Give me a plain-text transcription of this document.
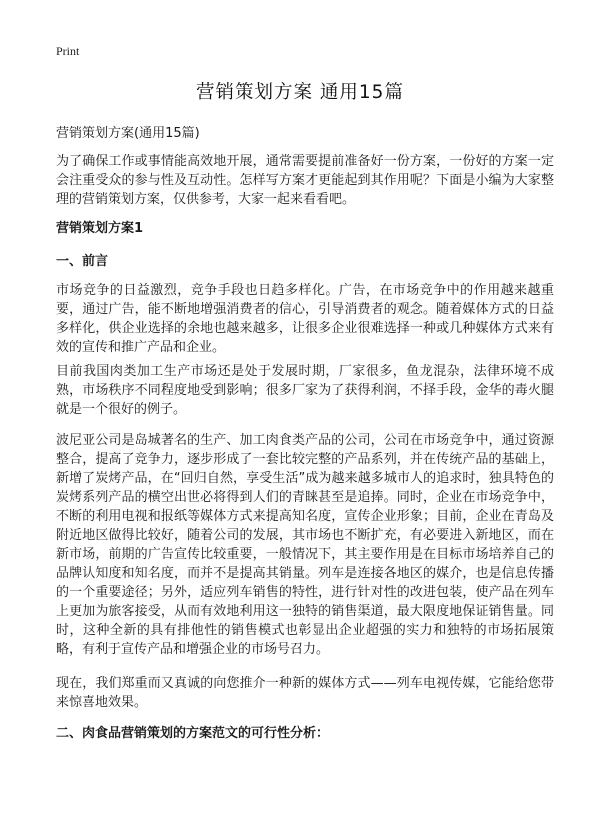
Print
营销策划方案 通用15篇

营销策划方案(通用15篇)

为了确保工作或事情能高效地开展，通常需要提前准备好一份方案，一份好的方案一定会注重受众的参与性及互动性。怎样写方案才更能起到其作用呢？下面是小编为大家整理的营销策划方案，仅供参考，大家一起来看看吧。

营销策划方案1

一、前言

市场竞争的日益激烈，竞争手段也日趋多样化。广告，在市场竞争中的作用越来越重要，通过广告，能不断地增强消费者的信心，引导消费者的观念。随着媒体方式的日益多样化，供企业选择的余地也越来越多，让很多企业很难选择一种或几种媒体方式来有效的宣传和推广产品和企业。

目前我国肉类加工生产市场还是处于发展时期，厂家很多，鱼龙混杂，法律环境不成熟，市场秩序不同程度地受到影响；很多厂家为了获得利润，不择手段，金华的毒火腿就是一个很好的例子。

波尼亚公司是岛城著名的生产、加工肉食类产品的公司，公司在市场竞争中，通过资源整合，提高了竞争力，逐步形成了一套比较完整的产品系列，并在传统产品的基础上，新增了炭烤产品，在“回归自然，享受生活”成为越来越多城市人的追求时，独具特色的炭烤系列产品的横空出世必将得到人们的青睐甚至是追捧。同时，企业在市场竞争中，不断的利用电视和报纸等媒体方式来提高知名度，宣传企业形象；目前，企业在青岛及附近地区做得比较好，随着公司的发展，其市场也不断扩充，有必要进入新地区，而在新市场，前期的广告宣传比较重要，一般情况下，其主要作用是在目标市场培养自己的品牌认知度和知名度，而并不是提高其销量。列车是连接各地区的媒介，也是信息传播的一个重要途径；另外，适应列车销售的特性，进行针对性的改进包装，使产品在列车上更加为旅客接受，从而有效地利用这一独特的销售渠道，最大限度地保证销售量。同时，这种全新的具有排他性的销售模式也彰显出企业超强的实力和独特的市场拓展策略，有利于宣传产品和增强企业的市场号召力。

现在，我们郑重而又真诚的向您推介一种新的媒体方式——列车电视传媒，它能给您带来惊喜地效果。

二、肉食品营销策划的方案范文的可行性分析：
